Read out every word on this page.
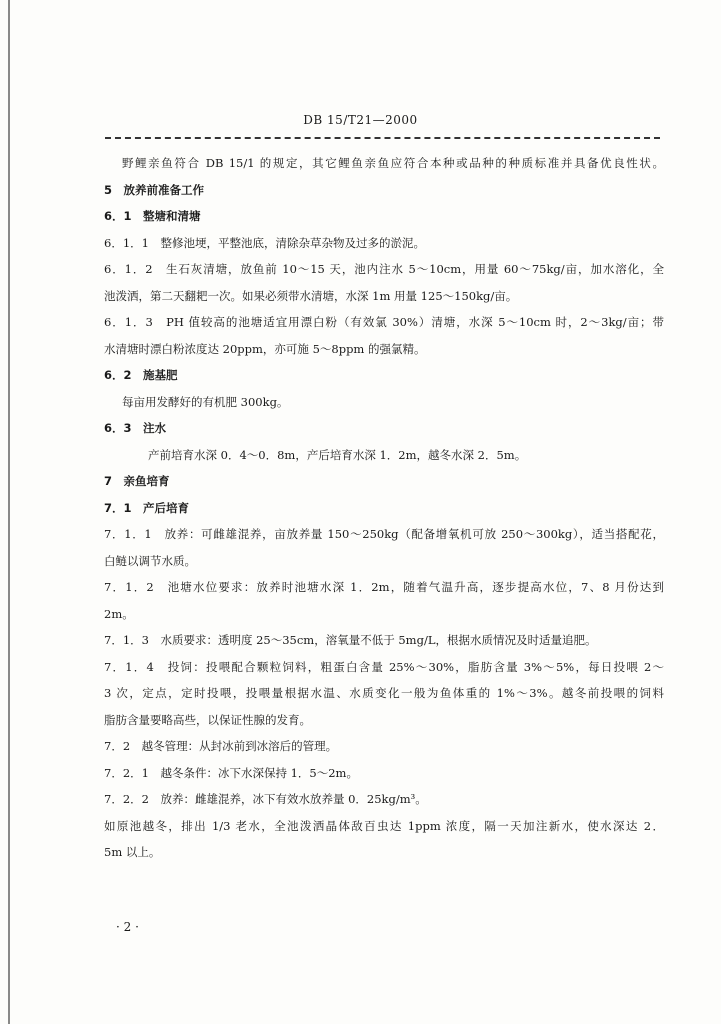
DB 15/T21—2000
野鲤亲鱼符合 DB 15/1 的规定，其它鲤鱼亲鱼应符合本种或品种的种质标准并具备优良性状。
5　放养前准备工作
6．1　整塘和清塘
6．1．1　整修池埂，平整池底，清除杂草杂物及过多的淤泥。
6．1．2　生石灰清塘，放鱼前 10～15 天，池内注水 5～10cm，用量 60～75kg/亩，加水溶化，全
池泼洒，第二天翻耙一次。如果必须带水清塘，水深 1m 用量 125～150kg/亩。
6．1．3　PH 值较高的池塘适宜用漂白粉（有效氯 30%）清塘，水深 5～10cm 时，2～3kg/亩；带
水清塘时漂白粉浓度达 20ppm，亦可施 5～8ppm 的强氯精。
6．2　施基肥
每亩用发酵好的有机肥 300kg。
6．3　注水
产前培育水深 0．4～0．8m，产后培育水深 1．2m，越冬水深 2．5m。
7　亲鱼培育
7．1　产后培育
7．1．1　放养：可雌雄混养，亩放养量 150～250kg（配备增氧机可放 250～300kg），适当搭配花，
白鲢以调节水质。
7．1．2　池塘水位要求：放养时池塘水深 1．2m，随着气温升高，逐步提高水位，7、8 月份达到
2m。
7．1．3　水质要求：透明度 25～35cm，溶氧量不低于 5mg/L，根据水质情况及时适量追肥。
7．1．4　投饲：投喂配合颗粒饲料，粗蛋白含量 25%～30%，脂肪含量 3%～5%，每日投喂 2～
3 次，定点，定时投喂，投喂量根据水温、水质变化一般为鱼体重的 1%～3%。越冬前投喂的饲料
脂肪含量要略高些，以保证性腺的发育。
7．2　越冬管理：从封冰前到冰溶后的管理。
7．2．1　越冬条件：冰下水深保持 1．5～2m。
7．2．2　放养：雌雄混养，冰下有效水放养量 0．25kg/m³。
如原池越冬，排出 1/3 老水，全池泼洒晶体敌百虫达 1ppm 浓度，隔一天加注新水，使水深达 2．
5m 以上。
· 2 ·
